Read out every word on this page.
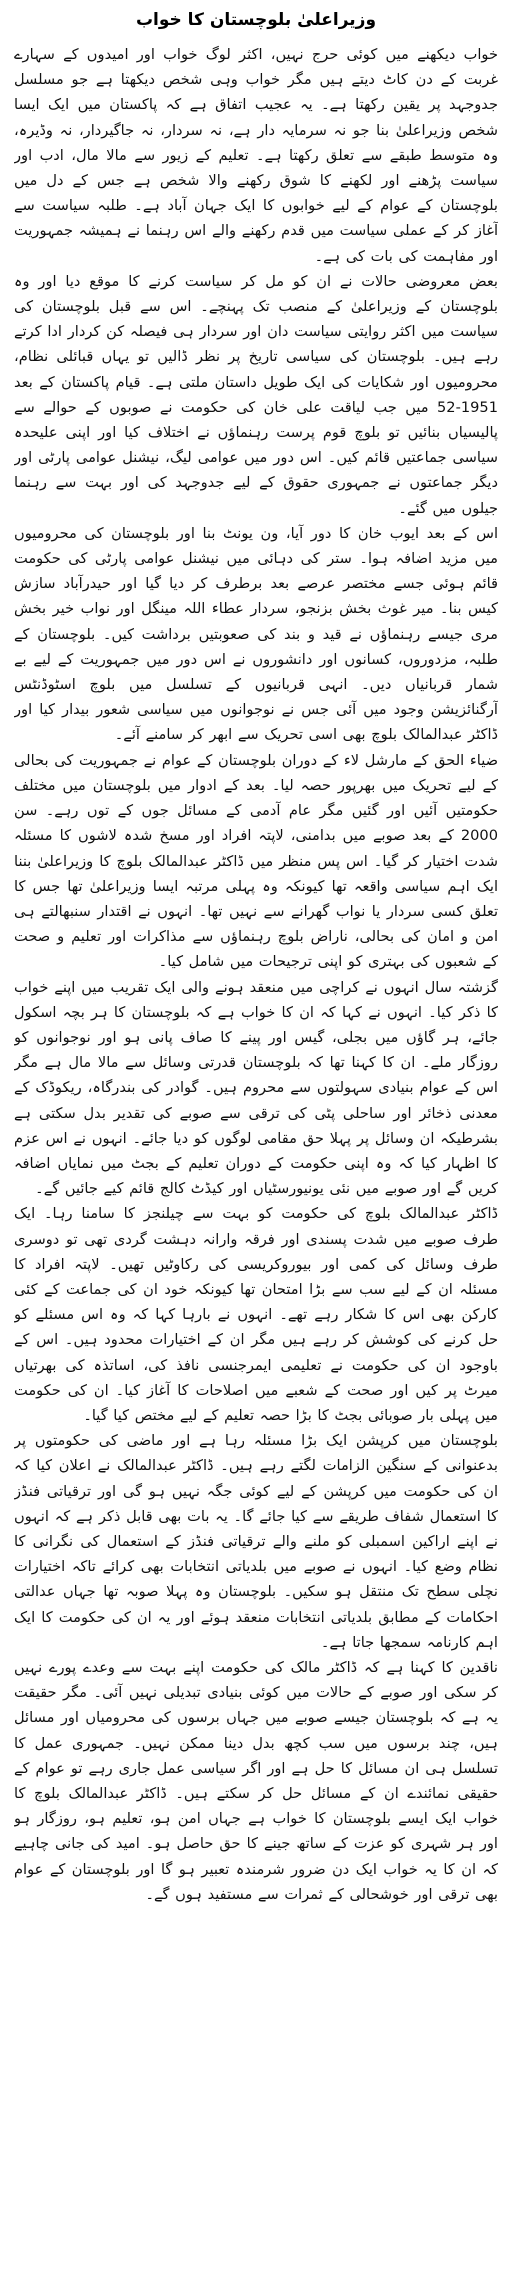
وزیراعلیٰ بلوچستان کا خواب

خواب دیکھنے میں کوئی حرج نہیں، اکثر لوگ خواب اور امیدوں کے سہارے غربت کے دن کاٹ دیتے ہیں مگر خواب وہی شخص دیکھتا ہے جو مسلسل جدوجہد پر یقین رکھتا ہے۔ یہ عجیب اتفاق ہے کہ پاکستان میں ایک ایسا شخص وزیراعلیٰ بنا جو نہ سرمایہ دار ہے، نہ سردار، نہ جاگیردار، نہ وڈیرہ، وہ متوسط طبقے سے تعلق رکھتا ہے۔ تعلیم کے زیور سے مالا مال، ادب اور سیاست پڑھنے اور لکھنے کا شوق رکھنے والا شخص ہے جس کے دل میں بلوچستان کے عوام کے لیے خوابوں کا ایک جہان آباد ہے۔ طلبہ سیاست سے آغاز کر کے عملی سیاست میں قدم رکھنے والے اس رہنما نے ہمیشہ جمہوریت اور مفاہمت کی بات کی ہے۔

بعض معروضی حالات نے ان کو مل کر سیاست کرنے کا موقع دیا اور وہ بلوچستان کے وزیراعلیٰ کے منصب تک پہنچے۔ اس سے قبل بلوچستان کی سیاست میں اکثر روایتی سیاست دان اور سردار ہی فیصلہ کن کردار ادا کرتے رہے ہیں۔ بلوچستان کی سیاسی تاریخ پر نظر ڈالیں تو یہاں قبائلی نظام، محرومیوں اور شکایات کی ایک طویل داستان ملتی ہے۔ قیام پاکستان کے بعد 1951-52 میں جب لیاقت علی خان کی حکومت نے صوبوں کے حوالے سے پالیسیاں بنائیں تو بلوچ قوم پرست رہنماؤں نے اختلاف کیا اور اپنی علیحدہ سیاسی جماعتیں قائم کیں۔ اس دور میں عوامی لیگ، نیشنل عوامی پارٹی اور دیگر جماعتوں نے جمہوری حقوق کے لیے جدوجہد کی اور بہت سے رہنما جیلوں میں گئے۔

اس کے بعد ایوب خان کا دور آیا، ون یونٹ بنا اور بلوچستان کی محرومیوں میں مزید اضافہ ہوا۔ ستر کی دہائی میں نیشنل عوامی پارٹی کی حکومت قائم ہوئی جسے مختصر عرصے بعد برطرف کر دیا گیا اور حیدرآباد سازش کیس بنا۔ میر غوث بخش بزنجو، سردار عطاء اللہ مینگل اور نواب خیر بخش مری جیسے رہنماؤں نے قید و بند کی صعوبتیں برداشت کیں۔ بلوچستان کے طلبہ، مزدوروں، کسانوں اور دانشوروں نے اس دور میں جمہوریت کے لیے بے شمار قربانیاں دیں۔ انہی قربانیوں کے تسلسل میں بلوچ اسٹوڈنٹس آرگنائزیشن وجود میں آئی جس نے نوجوانوں میں سیاسی شعور بیدار کیا اور ڈاکٹر عبدالمالک بلوچ بھی اسی تحریک سے ابھر کر سامنے آئے۔

ضیاء الحق کے مارشل لاء کے دوران بلوچستان کے عوام نے جمہوریت کی بحالی کے لیے تحریک میں بھرپور حصہ لیا۔ بعد کے ادوار میں بلوچستان میں مختلف حکومتیں آئیں اور گئیں مگر عام آدمی کے مسائل جوں کے توں رہے۔ سن 2000 کے بعد صوبے میں بدامنی، لاپتہ افراد اور مسخ شدہ لاشوں کا مسئلہ شدت اختیار کر گیا۔ اس پس منظر میں ڈاکٹر عبدالمالک بلوچ کا وزیراعلیٰ بننا ایک اہم سیاسی واقعہ تھا کیونکہ وہ پہلی مرتبہ ایسا وزیراعلیٰ تھا جس کا تعلق کسی سردار یا نواب گھرانے سے نہیں تھا۔ انہوں نے اقتدار سنبھالتے ہی امن و امان کی بحالی، ناراض بلوچ رہنماؤں سے مذاکرات اور تعلیم و صحت کے شعبوں کی بہتری کو اپنی ترجیحات میں شامل کیا۔

گزشتہ سال انہوں نے کراچی میں منعقد ہونے والی ایک تقریب میں اپنے خواب کا ذکر کیا۔ انہوں نے کہا کہ ان کا خواب ہے کہ بلوچستان کا ہر بچہ اسکول جائے، ہر گاؤں میں بجلی، گیس اور پینے کا صاف پانی ہو اور نوجوانوں کو روزگار ملے۔ ان کا کہنا تھا کہ بلوچستان قدرتی وسائل سے مالا مال ہے مگر اس کے عوام بنیادی سہولتوں سے محروم ہیں۔ گوادر کی بندرگاہ، ریکوڈک کے معدنی ذخائر اور ساحلی پٹی کی ترقی سے صوبے کی تقدیر بدل سکتی ہے بشرطیکہ ان وسائل پر پہلا حق مقامی لوگوں کو دیا جائے۔ انہوں نے اس عزم کا اظہار کیا کہ وہ اپنی حکومت کے دوران تعلیم کے بجٹ میں نمایاں اضافہ کریں گے اور صوبے میں نئی یونیورسٹیاں اور کیڈٹ کالج قائم کیے جائیں گے۔

ڈاکٹر عبدالمالک بلوچ کی حکومت کو بہت سے چیلنجز کا سامنا رہا۔ ایک طرف صوبے میں شدت پسندی اور فرقہ وارانہ دہشت گردی تھی تو دوسری طرف وسائل کی کمی اور بیوروکریسی کی رکاوٹیں تھیں۔ لاپتہ افراد کا مسئلہ ان کے لیے سب سے بڑا امتحان تھا کیونکہ خود ان کی جماعت کے کئی کارکن بھی اس کا شکار رہے تھے۔ انہوں نے بارہا کہا کہ وہ اس مسئلے کو حل کرنے کی کوشش کر رہے ہیں مگر ان کے اختیارات محدود ہیں۔ اس کے باوجود ان کی حکومت نے تعلیمی ایمرجنسی نافذ کی، اساتذہ کی بھرتیاں میرٹ پر کیں اور صحت کے شعبے میں اصلاحات کا آغاز کیا۔ ان کی حکومت میں پہلی بار صوبائی بجٹ کا بڑا حصہ تعلیم کے لیے مختص کیا گیا۔

بلوچستان میں کرپشن ایک بڑا مسئلہ رہا ہے اور ماضی کی حکومتوں پر بدعنوانی کے سنگین الزامات لگتے رہے ہیں۔ ڈاکٹر عبدالمالک نے اعلان کیا کہ ان کی حکومت میں کرپشن کے لیے کوئی جگہ نہیں ہو گی اور ترقیاتی فنڈز کا استعمال شفاف طریقے سے کیا جائے گا۔ یہ بات بھی قابل ذکر ہے کہ انہوں نے اپنے اراکین اسمبلی کو ملنے والے ترقیاتی فنڈز کے استعمال کی نگرانی کا نظام وضع کیا۔ انہوں نے صوبے میں بلدیاتی انتخابات بھی کرائے تاکہ اختیارات نچلی سطح تک منتقل ہو سکیں۔ بلوچستان وہ پہلا صوبہ تھا جہاں عدالتی احکامات کے مطابق بلدیاتی انتخابات منعقد ہوئے اور یہ ان کی حکومت کا ایک اہم کارنامہ سمجھا جاتا ہے۔

ناقدین کا کہنا ہے کہ ڈاکٹر مالک کی حکومت اپنے بہت سے وعدے پورے نہیں کر سکی اور صوبے کے حالات میں کوئی بنیادی تبدیلی نہیں آئی۔ مگر حقیقت یہ ہے کہ بلوچستان جیسے صوبے میں جہاں برسوں کی محرومیاں اور مسائل ہیں، چند برسوں میں سب کچھ بدل دینا ممکن نہیں۔ جمہوری عمل کا تسلسل ہی ان مسائل کا حل ہے اور اگر سیاسی عمل جاری رہے تو عوام کے حقیقی نمائندے ان کے مسائل حل کر سکتے ہیں۔ ڈاکٹر عبدالمالک بلوچ کا خواب ایک ایسے بلوچستان کا خواب ہے جہاں امن ہو، تعلیم ہو، روزگار ہو اور ہر شہری کو عزت کے ساتھ جینے کا حق حاصل ہو۔ امید کی جانی چاہیے کہ ان کا یہ خواب ایک دن ضرور شرمندہ تعبیر ہو گا اور بلوچستان کے عوام بھی ترقی اور خوشحالی کے ثمرات سے مستفید ہوں گے۔
